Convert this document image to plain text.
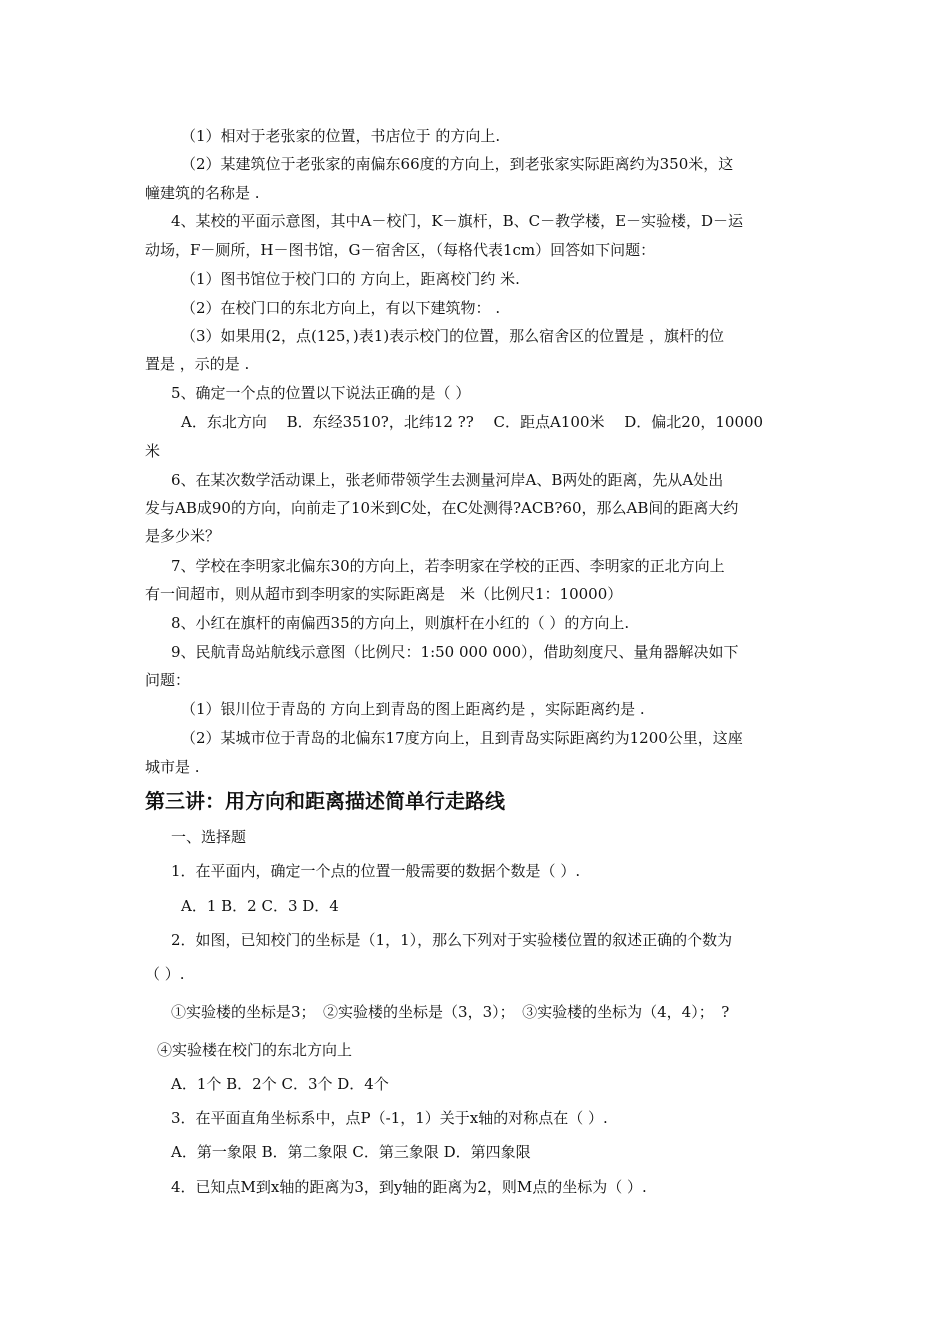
（1）相对于老张家的位置，书店位于 的方向上.
（2）某建筑位于老张家的南偏东66度的方向上，到老张家实际距离约为350米，这
幢建筑的名称是 .
4、某校的平面示意图，其中A－校门，K－旗杆，B、C－教学楼，E－实验楼，D－运
动场，F－厕所，H－图书馆，G－宿舍区，（每格代表1cm）回答如下问题：
（1）图书馆位于校门口的 方向上，距离校门约 米.
（2）在校门口的东北方向上，有以下建筑物： .
（3）如果用(2，点(125，)表1)表示校门的位置，那么宿舍区的位置是 ，旗杆的位
置是 ，示的是 .
5、确定一个点的位置以下说法正确的是（ ）
A．东北方向　 B．东经3510?，北纬12 ??　 C．距点A100米　 D．偏北20，10000
米
6、在某次数学活动课上，张老师带领学生去测量河岸A、B两处的距离，先从A处出
发与AB成90的方向，向前走了10米到C处，在C处测得?ACB?60，那么AB间的距离大约
是多少米？
7、学校在李明家北偏东30的方向上，若李明家在学校的正西、李明家的正北方向上
有一间超市，则从超市到李明家的实际距离是　米（比例尺1：10000）
8、小红在旗杆的南偏西35的方向上，则旗杆在小红的（ ）的方向上.
9、民航青岛站航线示意图（比例尺：1:50 000 000），借助刻度尺、量角器解决如下
问题：
（1）银川位于青岛的 方向上到青岛的图上距离约是 ，实际距离约是 .
（2）某城市位于青岛的北偏东17度方向上，且到青岛实际距离约为1200公里，这座
城市是 .
第三讲：用方向和距离描述简单行走路线
一、选择题
1．在平面内，确定一个点的位置一般需要的数据个数是（ ）.
A．1 B．2 C．3 D．4
2．如图，已知校门的坐标是（1，1），那么下列对于实验楼位置的叙述正确的个数为
（ ）.
①实验楼的坐标是3；　②实验楼的坐标是（3，3）；　③实验楼的坐标为（4，4）；　?
④实验楼在校门的东北方向上
A．1个 B．2个 C．3个 D．4个
3．在平面直角坐标系中，点P（-1，1）关于x轴的对称点在（ ）.
A．第一象限 B．第二象限 C．第三象限 D．第四象限
4．已知点M到x轴的距离为3，到y轴的距离为2，则M点的坐标为（ ）.
